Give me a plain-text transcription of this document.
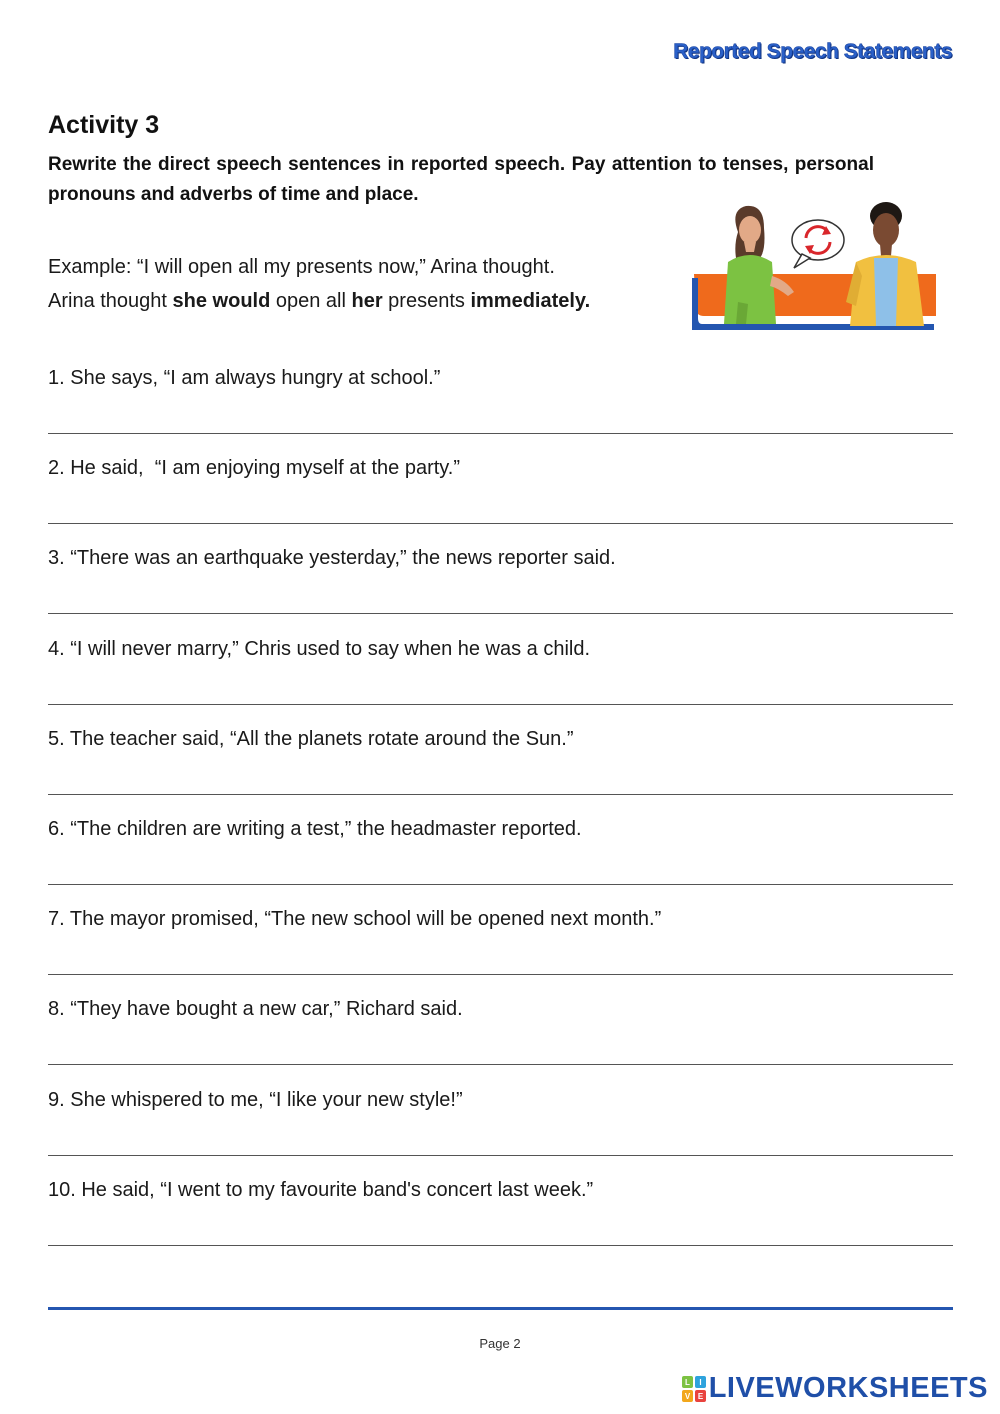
Reported Speech Statements
Activity 3
Rewrite the direct speech sentences in reported speech. Pay attention to tenses, personal pronouns and adverbs of time and place.
Example: “I will open all my presents now,” Arina thought.
Arina thought she would open all her presents immediately.
1. She says, “I am always hungry at school.”
2. He said,  “I am enjoying myself at the party.”
3. “There was an earthquake yesterday,” the news reporter said.
4. “I will never marry,” Chris used to say when he was a child.
5. The teacher said, “All the planets rotate around the Sun.”
6. “The children are writing a test,” the headmaster reported.
7. The mayor promised, “The new school will be opened next month.”
8. “They have bought a new car,” Richard said.
9. She whispered to me, “I like your new style!”
10. He said, “I went to my favourite band's concert last week.”
Page 2
L I
V E LIVEWORKSHEETS
